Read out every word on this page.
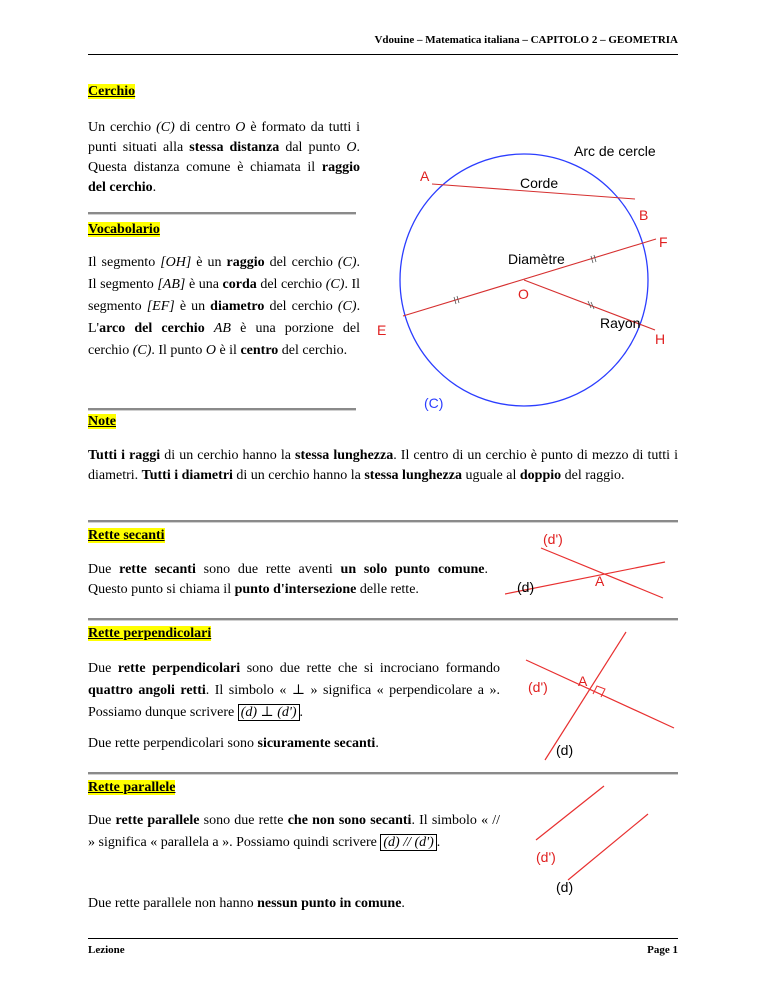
Vdouine – Matematica italiana – CAPITOLO 2 – GEOMETRIA
Cerchio
Un cerchio (C) di centro O è formato da tutti i punti situati alla stessa distanza dal punto O. Questa distanza comune è chiamata il raggio del cerchio.
Vocabolario
Il segmento [OH] è un raggio del cerchio (C). Il segmento [AB] è una corda del cerchio (C). Il segmento [EF] è un diametro del cerchio (C). L'arco del cerchio AB è una porzione del cerchio (C). Il punto O è il centro del cerchio.
Arc de cercle
Corde
Diamètre
Rayon
A
B
F
O
E
H
(C)
Note
Tutti i raggi di un cerchio hanno la stessa lunghezza. Il centro di un cerchio è punto di mezzo di tutti i diametri. Tutti i diametri di un cerchio hanno la stessa lunghezza uguale al doppio del raggio.
Rette secanti
Due rette secanti sono due rette aventi un solo punto comune. Questo punto si chiama il punto d'intersezione delle rette.
(d')
(d)	A
Rette perpendicolari
Due rette perpendicolari sono due rette che si incrociano formando quattro angoli retti. Il simbolo « ⊥ » significa « perpendicolare a ». Possiamo dunque scrivere (d) ⊥ (d') .
Due rette perpendicolari sono sicuramente secanti.
(d') A
(d)
Rette parallele
Due rette parallele sono due rette che non sono secanti. Il simbolo « // » significa « parallela a ». Possiamo quindi scrivere (d) // (d') .
Due rette parallele non hanno nessun punto in comune.
(d')
(d)
Lezione	Page 1
